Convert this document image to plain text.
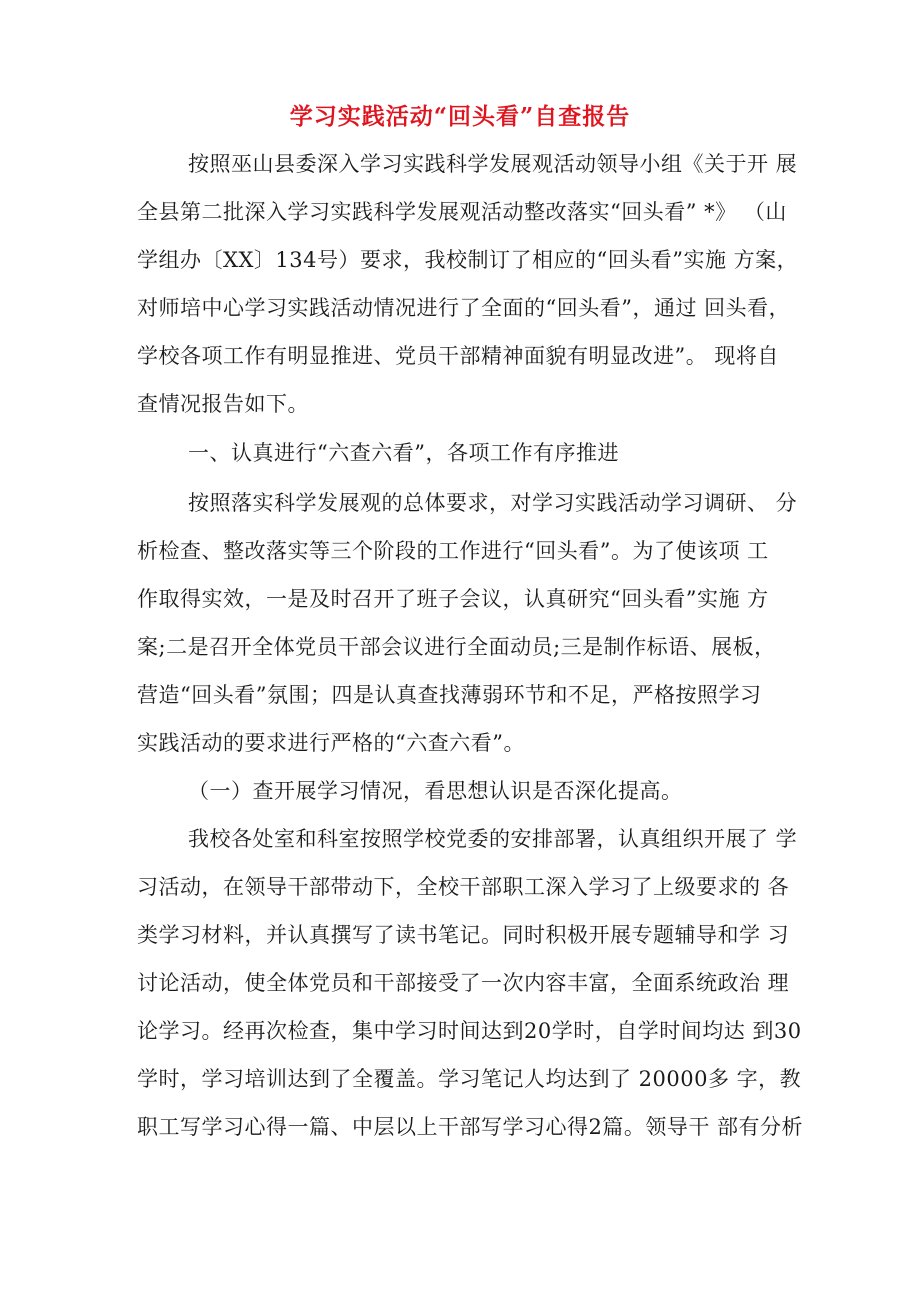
学习实践活动“回头看”自查报告
按照巫山县委深入学习实践科学发展观活动领导小组《关于开 展
全县第二批深入学习实践科学发展观活动整改落实“回头看” *》 （山
学组办〔XX〕134号）要求，我校制订了相应的“回头看”实施 方案，
对师培中心学习实践活动情况进行了全面的“回头看”，通过 回头看，
学校各项工作有明显推进、党员干部精神面貌有明显改进”。 现将自
查情况报告如下。
一、认真进行“六查六看”，各项工作有序推进
按照落实科学发展观的总体要求，对学习实践活动学习调研、 分
析检查、整改落实等三个阶段的工作进行“回头看”。为了使该项 工
作取得实效，一是及时召开了班子会议，认真研究“回头看”实施 方
案;二是召开全体党员干部会议进行全面动员;三是制作标语、展板，
营造“回头看”氛围；四是认真查找薄弱环节和不足，严格按照学习
实践活动的要求进行严格的“六查六看”。
（一）查开展学习情况，看思想认识是否深化提高。
我校各处室和科室按照学校党委的安排部署，认真组织开展了 学
习活动，在领导干部带动下，全校干部职工深入学习了上级要求的 各
类学习材料，并认真撰写了读书笔记。同时积极开展专题辅导和学 习
讨论活动，使全体党员和干部接受了一次内容丰富，全面系统政治 理
论学习。经再次检查，集中学习时间达到20学时，自学时间均达 到30
学时，学习培训达到了全覆盖。学习笔记人均达到了 20000多 字，教
职工写学习心得一篇、中层以上干部写学习心得2篇。领导干 部有分析
